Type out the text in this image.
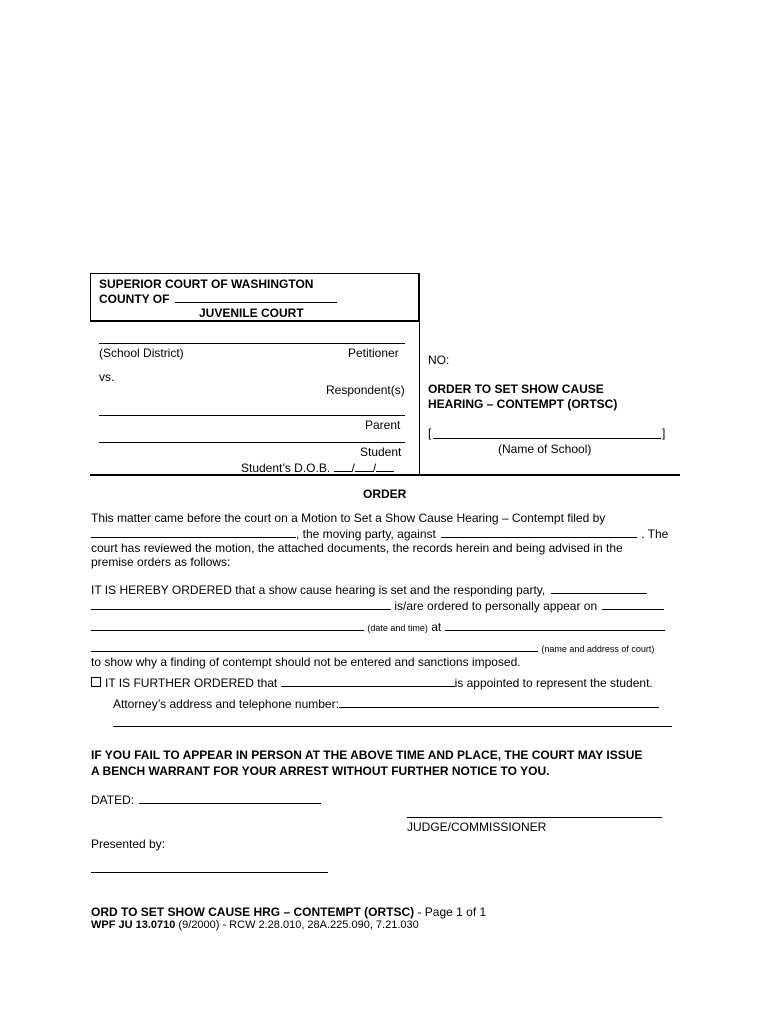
SUPERIOR COURT OF WASHINGTON
COUNTY OF
JUVENILE COURT
(School District)	Petitioner
vs.
Respondent(s)
Parent
Student
Student’s D.O.B. / /
NO:
ORDER TO SET SHOW CAUSE
HEARING – CONTEMPT (ORTSC)
[	]
(Name of School)
ORDER
This matter came before the court on a Motion to Set a Show Cause Hearing – Contempt filed by
, the moving party, against	. The
court has reviewed the motion, the attached documents, the records herein and being advised in the
premise orders as follows:
IT IS HEREBY ORDERED that a show cause hearing is set and the responding party,
is/are ordered to personally appear on
(date and time) at
(name and address of court)
to show why a finding of contempt should not be entered and sanctions imposed.
IT IS FURTHER ORDERED that	is appointed to represent the student.
Attorney’s address and telephone number:
IF YOU FAIL TO APPEAR IN PERSON AT THE ABOVE TIME AND PLACE, THE COURT MAY ISSUE
A BENCH WARRANT FOR YOUR ARREST WITHOUT FURTHER NOTICE TO YOU.
DATED:
JUDGE/COMMISSIONER
Presented by:
ORD TO SET SHOW CAUSE HRG – CONTEMPT (ORTSC) - Page 1 of 1
WPF JU 13.0710 (9/2000) - RCW 2.28.010, 28A.225.090, 7.21.030
